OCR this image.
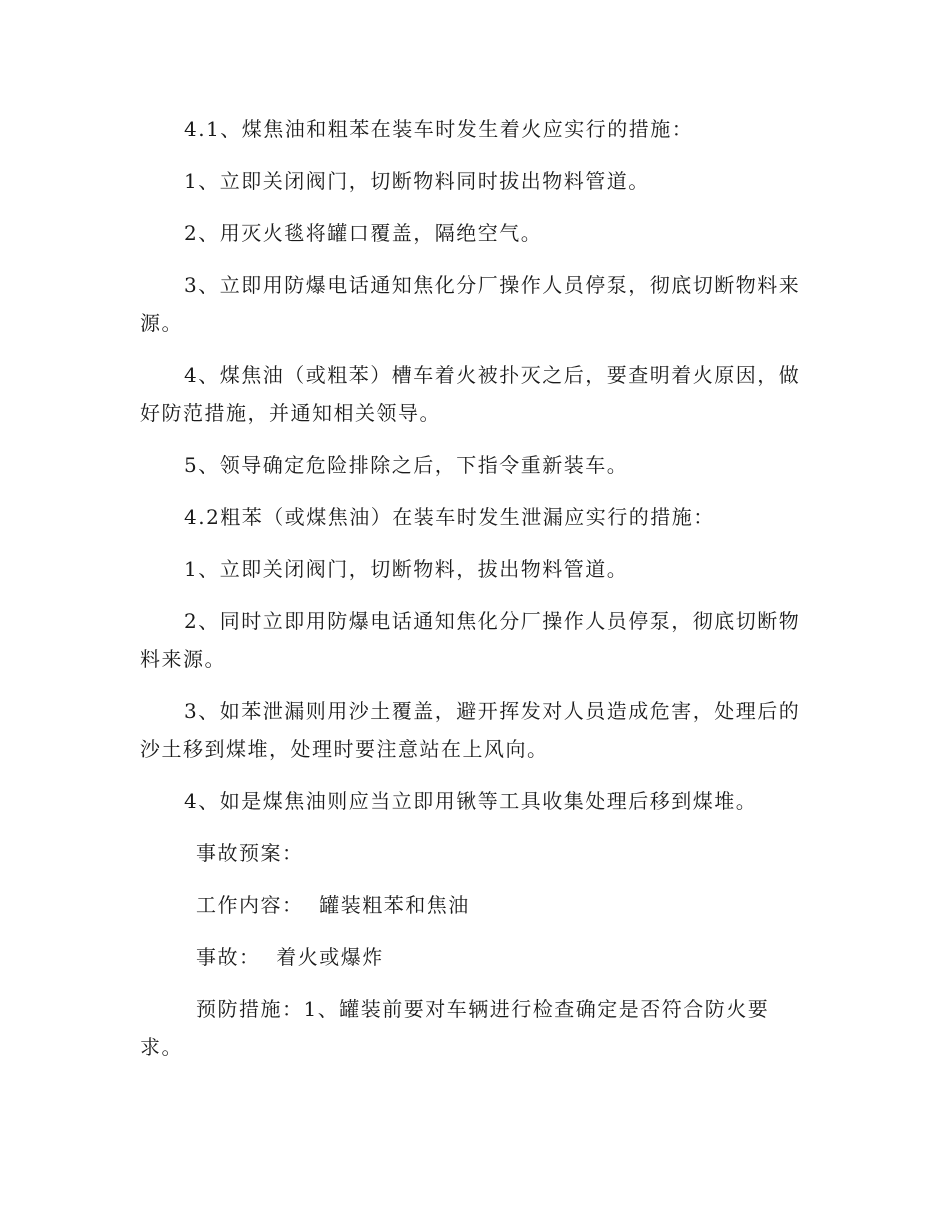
4.1、煤焦油和粗苯在装车时发生着火应实行的措施：

1、立即关闭阀门，切断物料同时拔出物料管道。

2、用灭火毯将罐口覆盖，隔绝空气。

3、立即用防爆电话通知焦化分厂操作人员停泵，彻底切断物料来源。

4、煤焦油（或粗苯）槽车着火被扑灭之后，要查明着火原因，做好防范措施，并通知相关领导。

5、领导确定危险排除之后，下指令重新装车。

4.2粗苯（或煤焦油）在装车时发生泄漏应实行的措施：

1、立即关闭阀门，切断物料，拔出物料管道。

2、同时立即用防爆电话通知焦化分厂操作人员停泵，彻底切断物料来源。

3、如苯泄漏则用沙土覆盖，避开挥发对人员造成危害，处理后的沙土移到煤堆，处理时要注意站在上风向。

4、如是煤焦油则应当立即用锹等工具收集处理后移到煤堆。

事故预案：

工作内容：  罐装粗苯和焦油

事故：  着火或爆炸

预防措施：1、罐装前要对车辆进行检查确定是否符合防火要求。
